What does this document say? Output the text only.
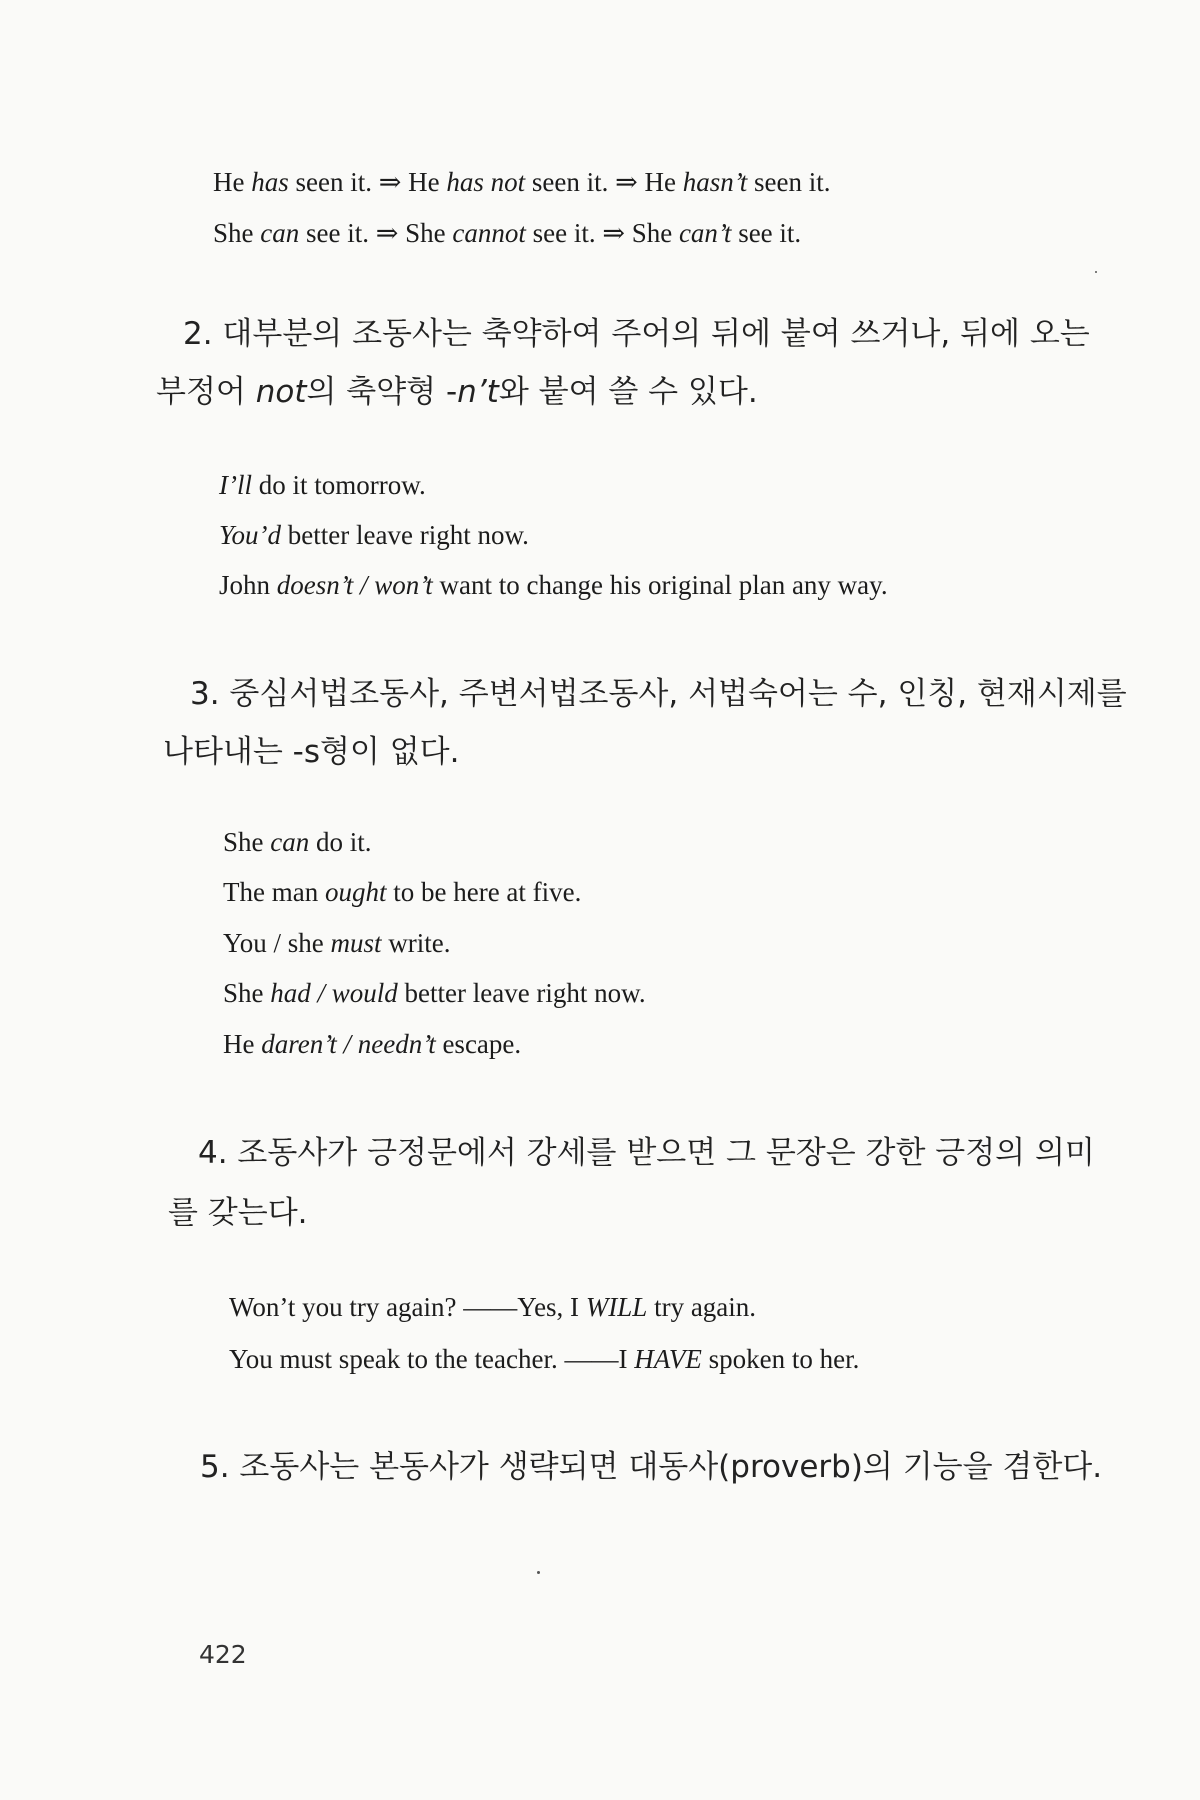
He has seen it. ⇒ He has not seen it. ⇒ He hasn’t seen it.
She can see it. ⇒ She cannot see it. ⇒ She can’t see it.
2. 대부분의 조동사는 축약하여 주어의 뒤에 붙여 쓰거나, 뒤에 오는
부정어 not의 축약형 -n’t와 붙여 쓸 수 있다.
I’ll do it tomorrow.
You’d better leave right now.
John doesn’t / won’t want to change his original plan any way.
3. 중심서법조동사, 주변서법조동사, 서법숙어는 수, 인칭, 현재시제를
나타내는 -s형이 없다.
She can do it.
The man ought to be here at five.
You / she must write.
She had / would better leave right now.
He daren’t / needn’t escape.
4. 조동사가 긍정문에서 강세를 받으면 그 문장은 강한 긍정의 의미
를 갖는다.
Won’t you try again? ——Yes, I WILL try again.
You must speak to the teacher. ——I HAVE spoken to her.
5. 조동사는 본동사가 생략되면 대동사(proverb)의 기능을 겸한다.
422
